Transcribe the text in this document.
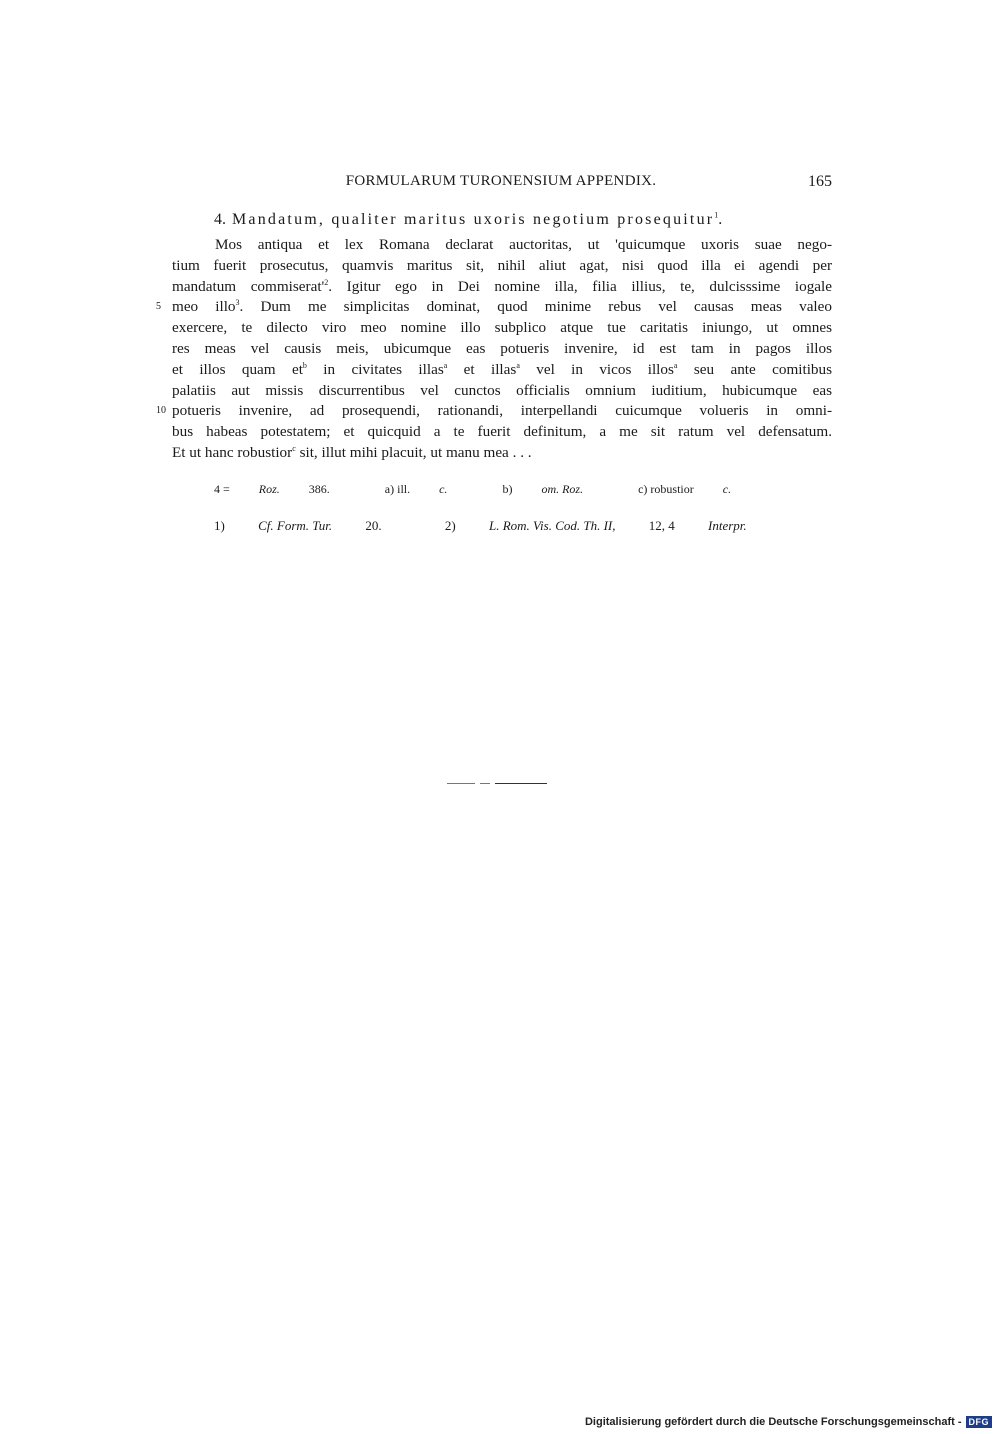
FORMULARUM TURONENSIUM APPENDIX.	165
4. Mandatum, qualiter maritus uxoris negotium prosequitur$^1$.
Mos antiqua et lex Romana declarat auctoritas, ut 'quicumque uxoris suae nego-
tium fuerit prosecutus, quamvis maritus sit, nihil aliut agat, nisi quod illa ei agendi per
mandatum $commiserat'^2$. Igitur ego in Dei nomine illa, filia illius, te, dulcisssime iogale
5 meo illo$^3$. Dum me simplicitas dominat, quod minime rebus vel causas meas valeo
exercere, te dilecto viro meo nomine illo subplico atque tue caritatis iniungo, ut omnes
res meas vel causis meis, ubicumque eas potueris invenire, id est tam in pagos illos
et illos quam $et^b$ in civitates illas$^a$ et illas$^a$ vel in vicos illos$^a$ seu ante comitibus
palatiis aut missis discurrentibus vel cunctos officialis omnium iuditium, hubicumque eas
10 potueris invenire, ad prosequendi, rationandi, interpellandi cuicumque volueris in omni-
bus habeas potestatem; et quicquid a te fuerit definitum, a me sit ratum vel defensatum.
Et ut hanc robustior$^c$ sit, illut mihi placuit, ut manu mea . . .
4 = Roz. 386.	a) ill. c.	b) om. Roz.	c) robustior c.
1) Cf. Form. Tur. 20.	2) L. Rom. Vis. Cod. Th. II, 12, 4 Interpr.
Digitalisierung gefördert durch die Deutsche Forschungsgemeinschaft - DFG
